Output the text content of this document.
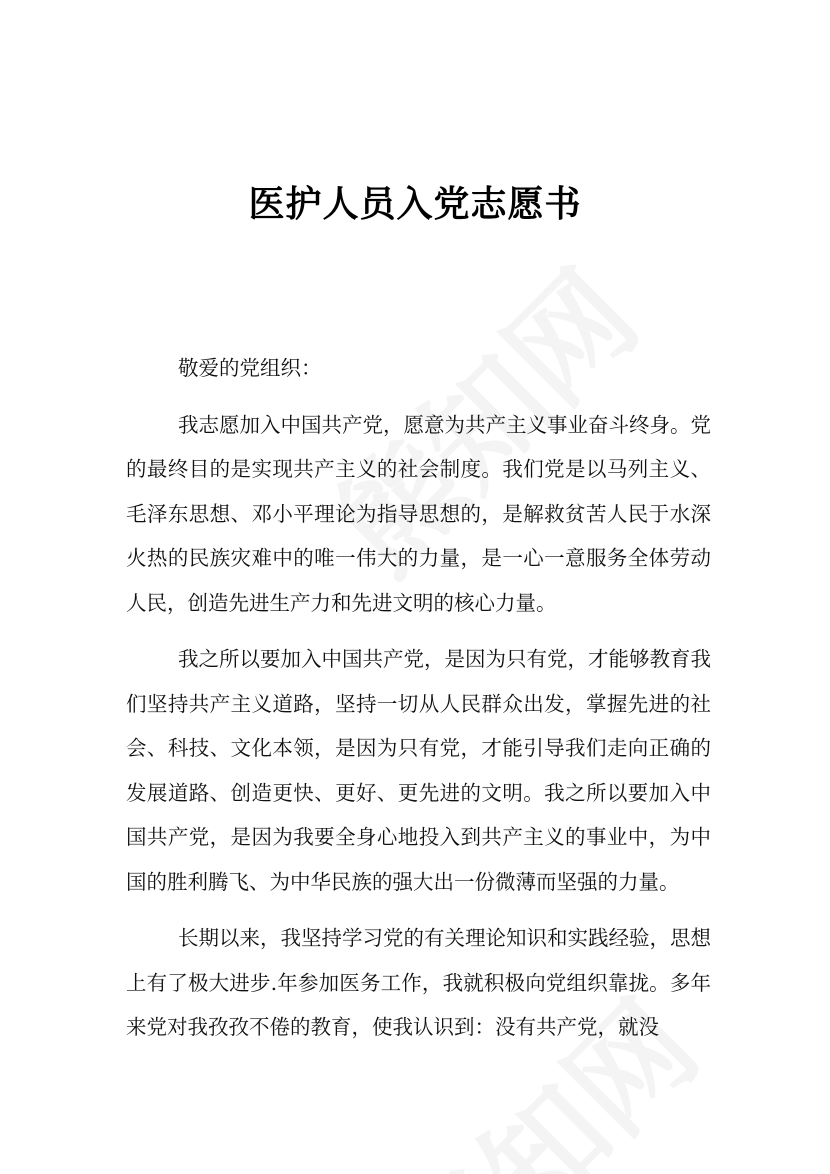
医护人员入党志愿书

敬爱的党组织：

我志愿加入中国共产党，愿意为共产主义事业奋斗终身。党的最终目的是实现共产主义的社会制度。我们党是以马列主义、毛泽东思想、邓小平理论为指导思想的，是解救贫苦人民于水深火热的民族灾难中的唯一伟大的力量，是一心一意服务全体劳动人民，创造先进生产力和先进文明的核心力量。

我之所以要加入中国共产党，是因为只有党，才能够教育我们坚持共产主义道路，坚持一切从人民群众出发，掌握先进的社会、科技、文化本领，是因为只有党，才能引导我们走向正确的发展道路、创造更快、更好、更先进的文明。我之所以要加入中国共产党，是因为我要全身心地投入到共产主义的事业中，为中国的胜利腾飞、为中华民族的强大出一份微薄而坚强的力量。

长期以来，我坚持学习党的有关理论知识和实践经验，思想上有了极大进步.年参加医务工作，我就积极向党组织靠拢。多年来党对我孜孜不倦的教育，使我认识到：没有共产党，就没
